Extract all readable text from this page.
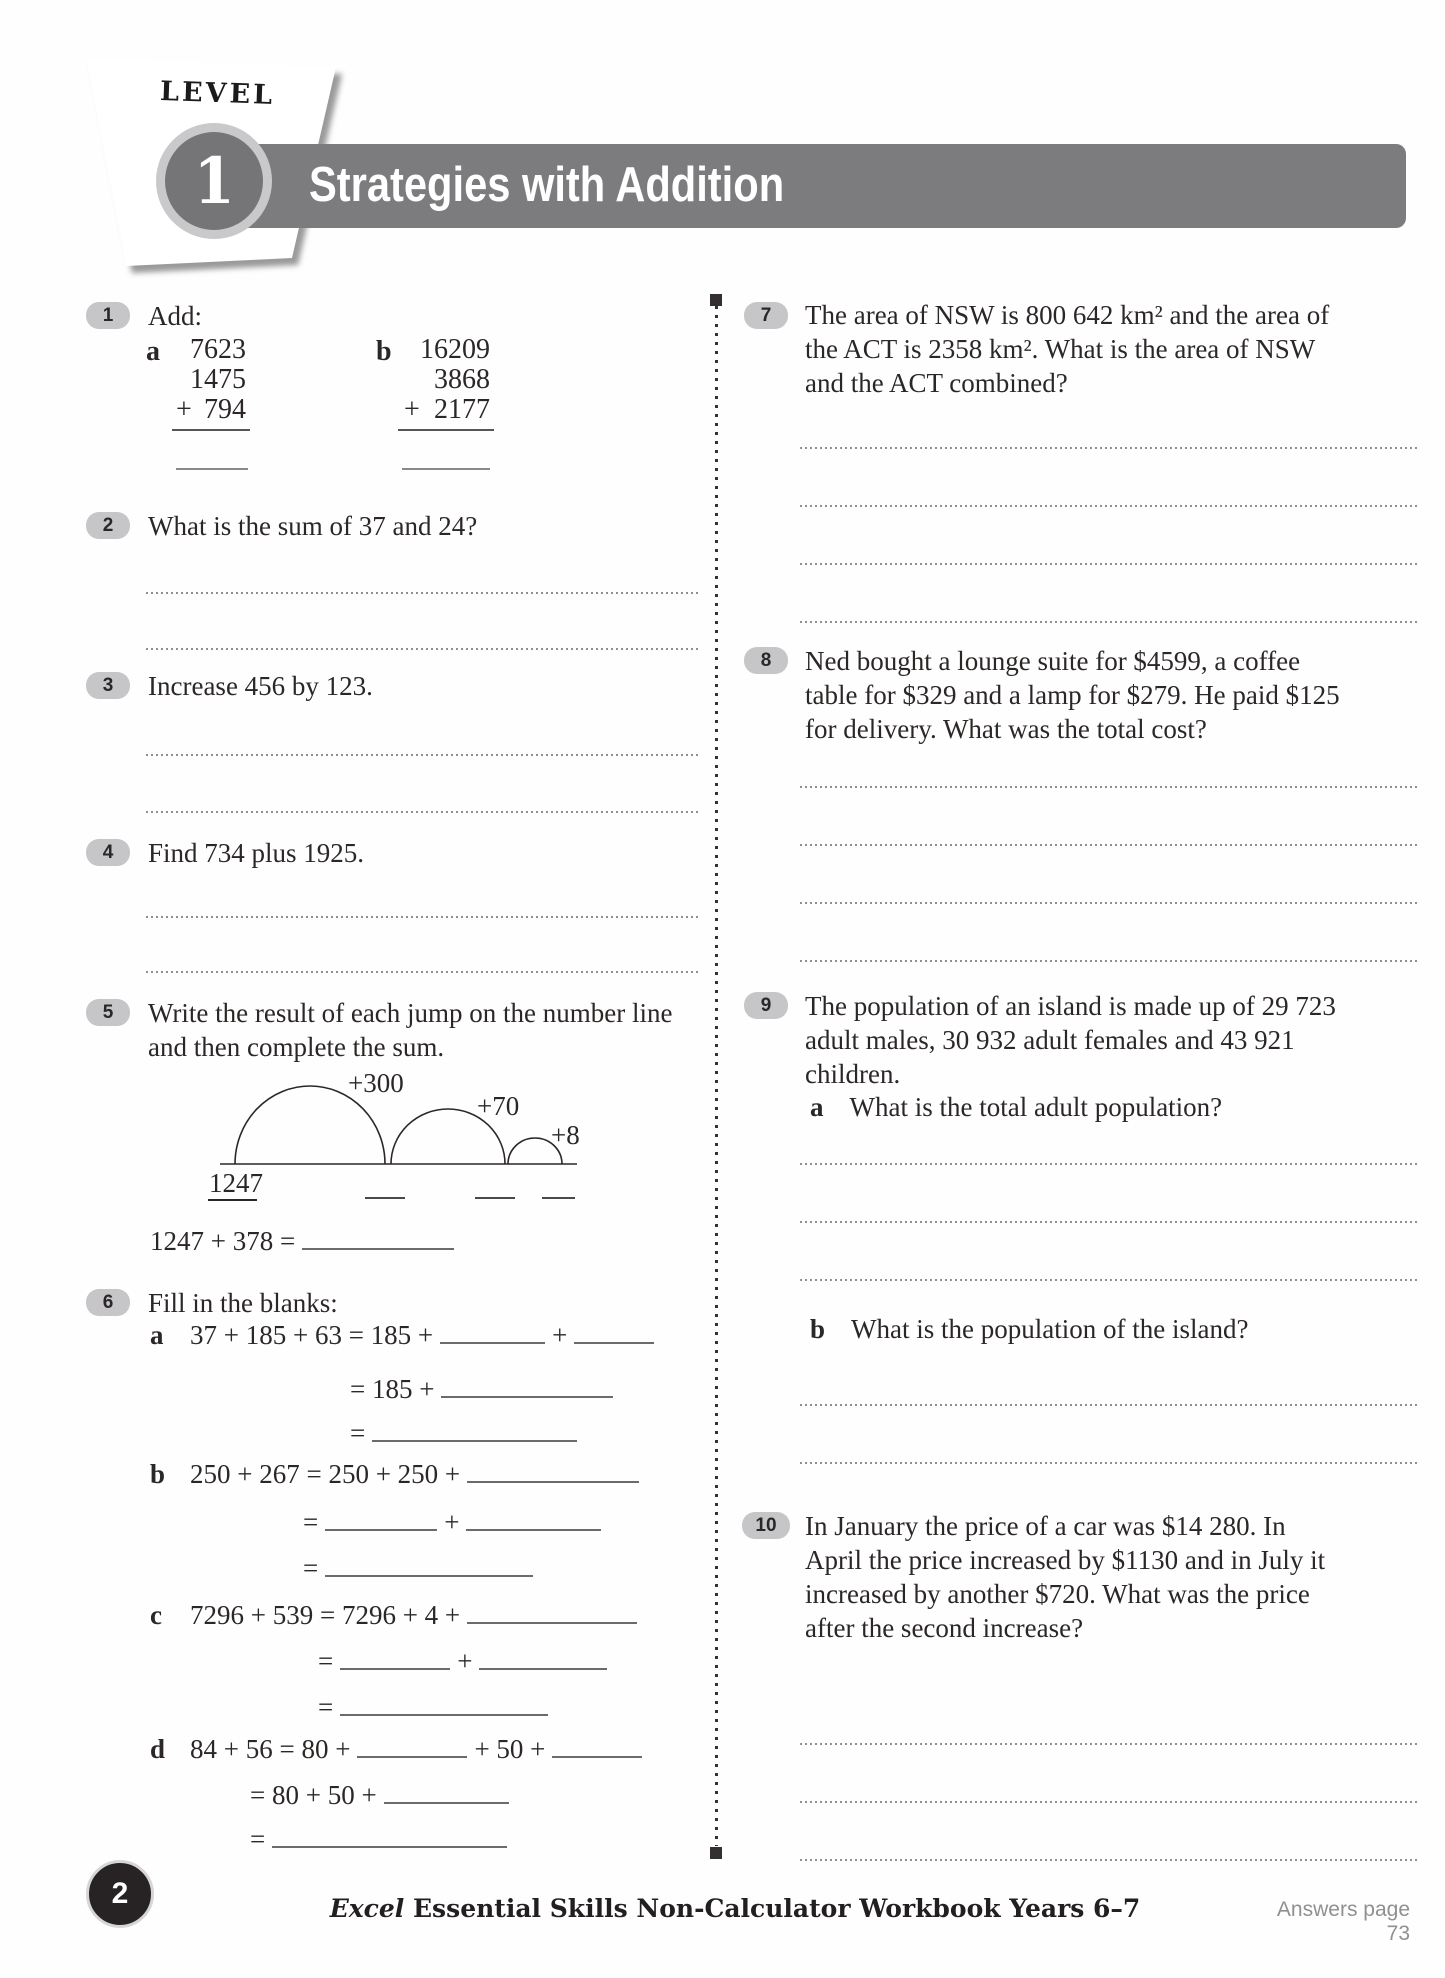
LEVEL
Strategies with Addition
1
1 Add:
a	7623
1475
+ 794
b	16209
3868
+ 2177
2 What is the sum of 37 and 24?
3 Increase 456 by 123.
4 Find 734 plus 1925.
5 Write the result of each jump on the number line
and then complete the sum.
+300
+70
+8
1247
1247 + 378 =
6 Fill in the blanks:
a 37 + 185 + 63 = 185 +	+
= 185 +
=
b 250 + 267 = 250 + 250 +
=	+
=
c 7296 + 539 = 7296 + 4 +
=	+
=
d 84 + 56 = 80 +	+ 50 +
= 80 + 50 +
=
7 The area of NSW is 800 642 km² and the area of
the ACT is 2358 km². What is the area of NSW
and the ACT combined?
8 Ned bought a lounge suite for $4599, a coffee
table for $329 and a lamp for $279. He paid $125
for delivery. What was the total cost?
9 The population of an island is made up of 29 723
adult males, 30 932 adult females and 43 921
children.
a What is the total adult population?
b What is the population of the island?
10 In January the price of a car was $14 280. In
April the price increased by $1130 and in July it
increased by another $720. What was the price
after the second increase?
2	Excel Essential Skills Non-Calculator Workbook Years 6–7	Answers page 73
